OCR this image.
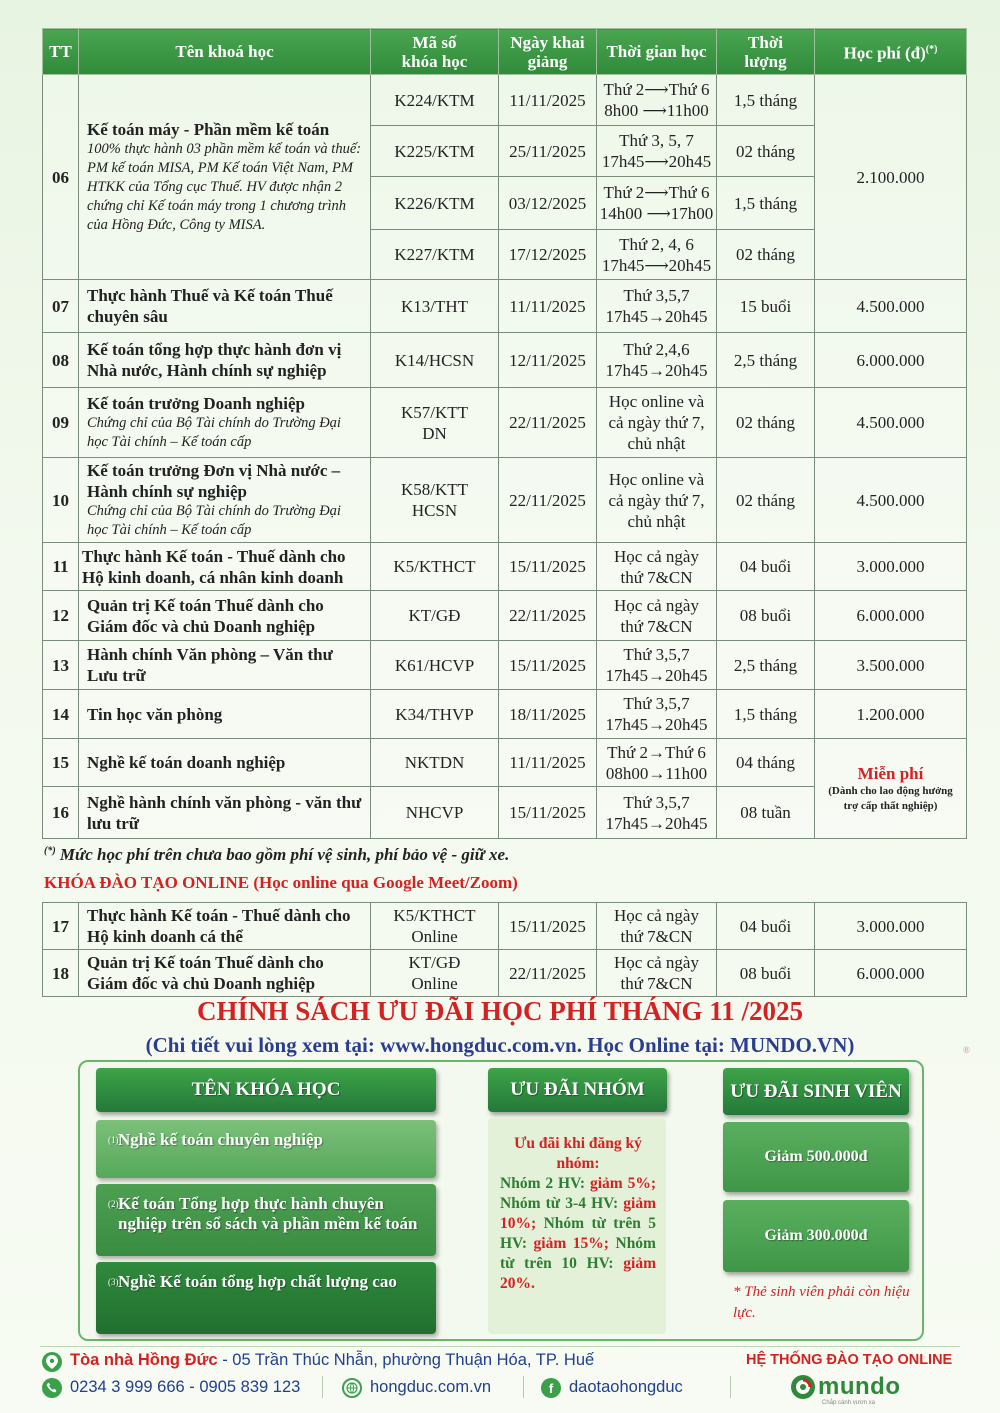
TT	Tên khoá học	Mã số
khóa học	Ngày khai
giảng	Thời gian học	Thời
lượng	Học phí (đ)(*)
06	Kế toán máy - Phần mềm kế toán
100% thực hành 03 phần mềm kế toán và thuế: PM kế toán MISA, PM Kế toán Việt Nam, PM HTKK của Tổng cục Thuế. HV được nhận 2 chứng chỉ Kế toán máy trong 1 chương trình của Hồng Đức, Công ty MISA.	K224/KTM	11/11/2025	Thứ 2⟶Thứ 6
8h00 ⟶11h00	1,5 tháng	2.100.000
		K225/KTM	25/11/2025	Thứ 3, 5, 7
17h45⟶20h45	02 tháng	
		K226/KTM	03/12/2025	Thứ 2⟶Thứ 6
14h00 ⟶17h00	1,5 tháng	
		K227/KTM	17/12/2025	Thứ 2, 4, 6
17h45⟶20h45	02 tháng	
07	Thực hành Thuế và Kế toán Thuế chuyên sâu	K13/THT	11/11/2025	Thứ 3,5,7
17h45→20h45	15 buổi	4.500.000
08	Kế toán tổng hợp thực hành đơn vị Nhà nước, Hành chính sự nghiệp	K14/HCSN	12/11/2025	Thứ 2,4,6
17h45→20h45	2,5 tháng	6.000.000
09	Kế toán trưởng Doanh nghiệp
Chứng chỉ của Bộ Tài chính do Trường Đại học Tài chính – Kế toán cấp	K57/KTT DN	22/11/2025	Học online và cả ngày thứ 7, chủ nhật	02 tháng	4.500.000
10	Kế toán trưởng Đơn vị Nhà nước – Hành chính sự nghiệp
Chứng chỉ của Bộ Tài chính do Trường Đại học Tài chính – Kế toán cấp	K58/KTT HCSN	22/11/2025	Học online và cả ngày thứ 7, chủ nhật	02 tháng	4.500.000
11	Thực hành Kế toán - Thuế dành cho Hộ kinh doanh, cá nhân kinh doanh	K5/KTHCT	15/11/2025	Học cả ngày
thứ 7&CN	04 buổi	3.000.000
12	Quản trị Kế toán Thuế dành cho Giám đốc và chủ Doanh nghiệp	KT/GĐ	22/11/2025	Học cả ngày
thứ 7&CN	08 buổi	6.000.000
13	Hành chính Văn phòng – Văn thư Lưu trữ	K61/HCVP	15/11/2025	Thứ 3,5,7
17h45→20h45	2,5 tháng	3.500.000
14	Tin học văn phòng	K34/THVP	18/11/2025	Thứ 3,5,7
17h45→20h45	1,5 tháng	1.200.000
15	Nghề kế toán doanh nghiệp	NKTDN	11/11/2025	Thứ 2→Thứ 6
08h00→11h00	04 tháng	Miễn phí
(Dành cho lao động hưởng trợ cấp thất nghiệp)

16	Nghề hành chính văn phòng - văn thư lưu trữ	NHCVP	15/11/2025	Thứ 3,5,7
17h45→20h45	08 tuần	
(*) Mức học phí trên chưa bao gồm phí vệ sinh, phí bảo vệ - giữ xe.
KHÓA ĐÀO TẠO ONLINE (Học online qua Google Meet/Zoom)
17	Thực hành Kế toán - Thuế dành cho Hộ kinh doanh cá thể	K5/KTHCT
Online	15/11/2025	Học cả ngày
thứ 7&CN	04 buổi	3.000.000
18	Quản trị Kế toán Thuế dành cho Giám đốc và chủ Doanh nghiệp	KT/GĐ
Online	22/11/2025	Học cả ngày
thứ 7&CN	08 buổi	6.000.000
CHÍNH SÁCH ƯU ĐÃI HỌC PHÍ THÁNG 11 /2025
(Chi tiết vui lòng xem tại: www.hongduc.com.vn. Học Online tại: MUNDO.VN)	®
TÊN KHÓA HỌC	ƯU ĐÃI NHÓM	ƯU ĐÃI SINH VIÊN
(1) Nghề kế toán chuyên nghiệp
(2) Kế toán Tổng hợp thực hành chuyên nghiệp trên sổ sách và phần mềm kế toán
(3) Nghề Kế toán tổng hợp chất lượng cao
Ưu đãi khi đăng ký nhóm:
Nhóm 2 HV: giảm 5%; Nhóm từ 3-4 HV: giảm 10%; Nhóm từ trên 5 HV: giảm 15%; Nhóm từ trên 10 HV: giảm 20%.
Giảm 500.000đ
Giảm 300.000đ
* Thẻ sinh viên phải còn hiệu lực.
Tòa nhà Hồng Đức - 05 Trần Thúc Nhẫn, phường Thuận Hóa, TP. Huế
0234 3 999 666 - 0905 839 123	hongduc.com.vn	f daotaohongduc
HỆ THỐNG ĐÀO TẠO ONLINE
mundo
Chắp cánh vươn xa
